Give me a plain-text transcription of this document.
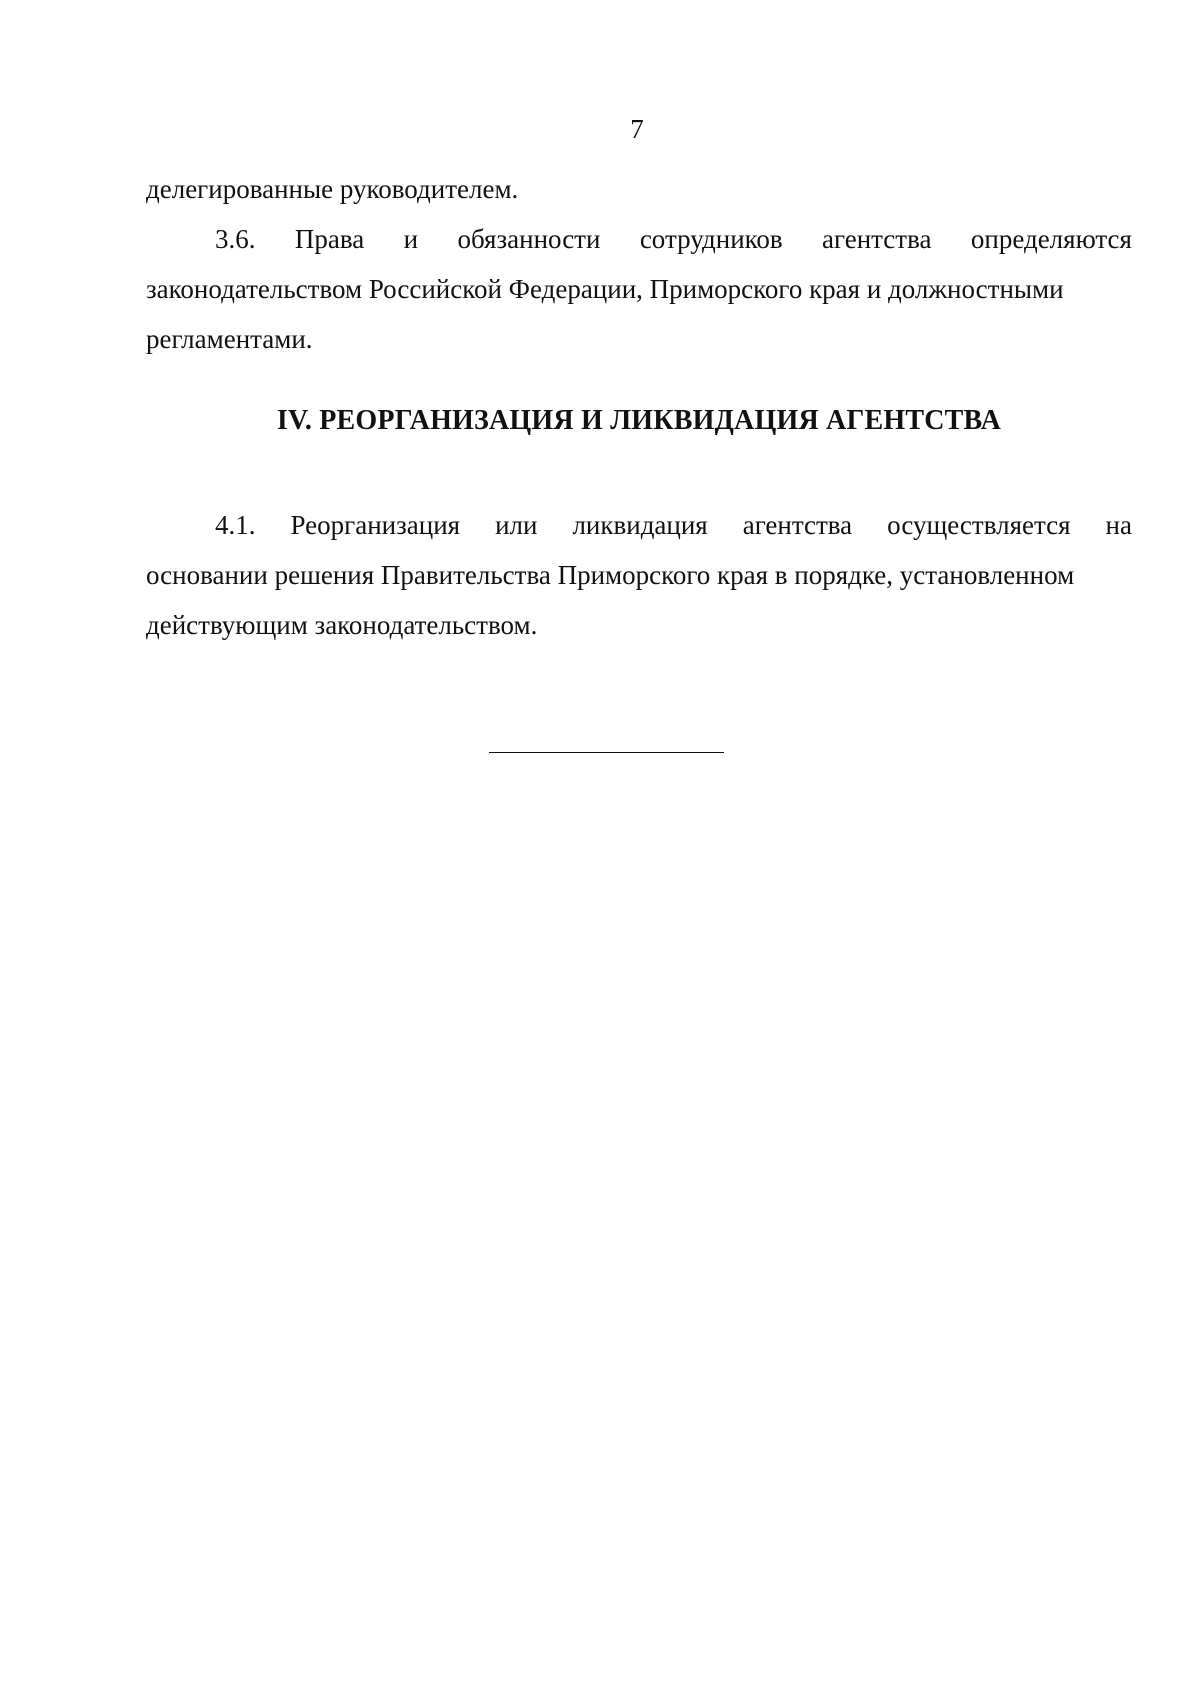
7
делегированные руководителем.
3.6. Права и обязанности сотрудников агентства определяются
законодательством Российской Федерации, Приморского края и должностными
регламентами.
IV. РЕОРГАНИЗАЦИЯ И ЛИКВИДАЦИЯ АГЕНТСТВА
4.1. Реорганизация или ликвидация агентства осуществляется на
основании решения Правительства Приморского края в порядке, установленном
действующим законодательством.
